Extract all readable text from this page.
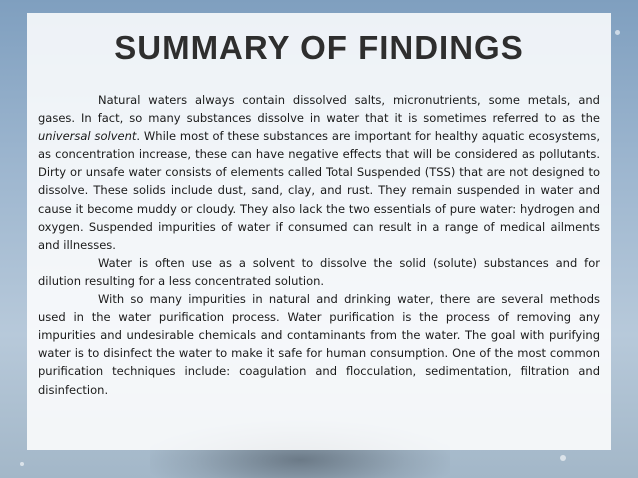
SUMMARY OF FINDINGS

Natural waters always contain dissolved salts, micronutrients, some metals, and gases. In fact, so many substances dissolve in water that it is sometimes referred to as the universal solvent. While most of these substances are important for healthy aquatic ecosystems, as concentration increase, these can have negative effects that will be considered as pollutants. Dirty or unsafe water consists of elements called Total Suspended (TSS) that are not designed to dissolve. These solids include dust, sand, clay, and rust. They remain suspended in water and cause it become muddy or cloudy. They also lack the two essentials of pure water: hydrogen and oxygen. Suspended impurities of water if consumed can result in a range of medical ailments and illnesses.

Water is often use as a solvent to dissolve the solid (solute) substances and for dilution resulting for a less concentrated solution.

With so many impurities in natural and drinking water, there are several methods used in the water purification process. Water purification is the process of removing any impurities and undesirable chemicals and contaminants from the water. The goal with purifying water is to disinfect the water to make it safe for human consumption. One of the most common purification techniques include: coagulation and flocculation, sedimentation, filtration and disinfection.
